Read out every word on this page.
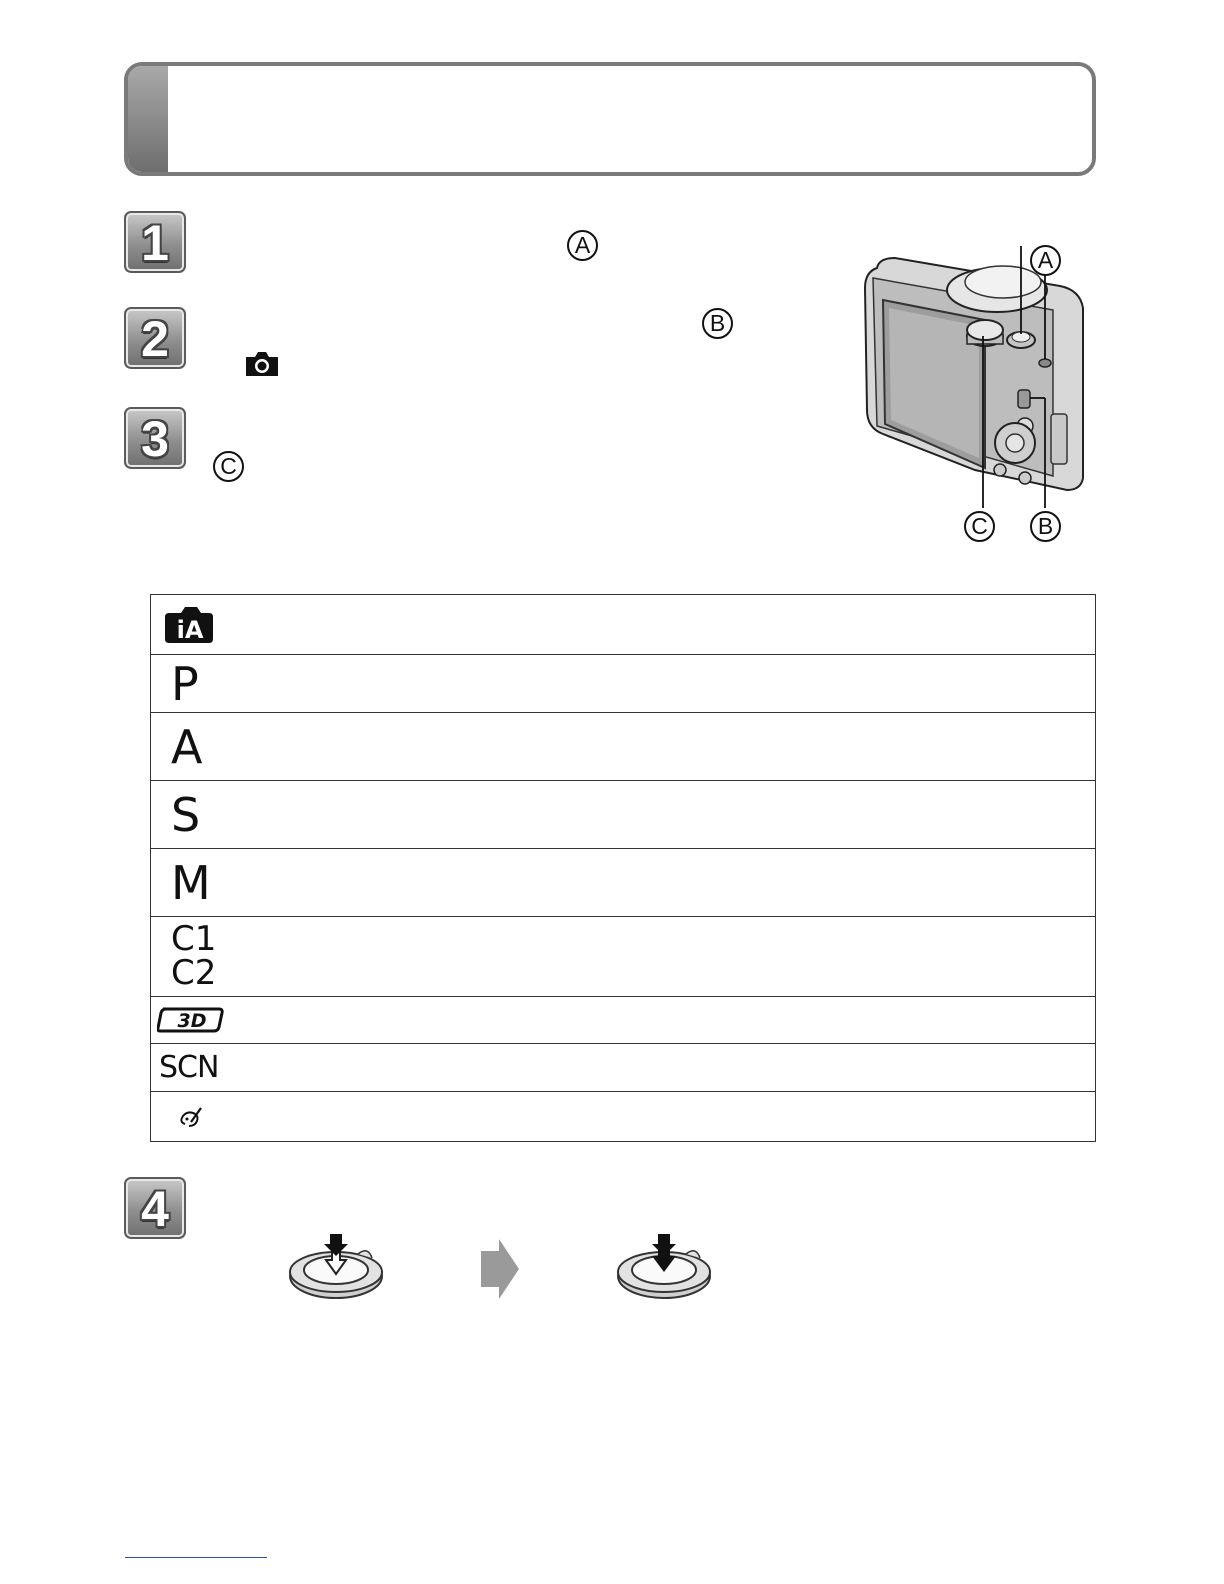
1
2
3
4
A
B
C
A
C	B
iA
P
A
S
M
C1
C2
3D
SCN
